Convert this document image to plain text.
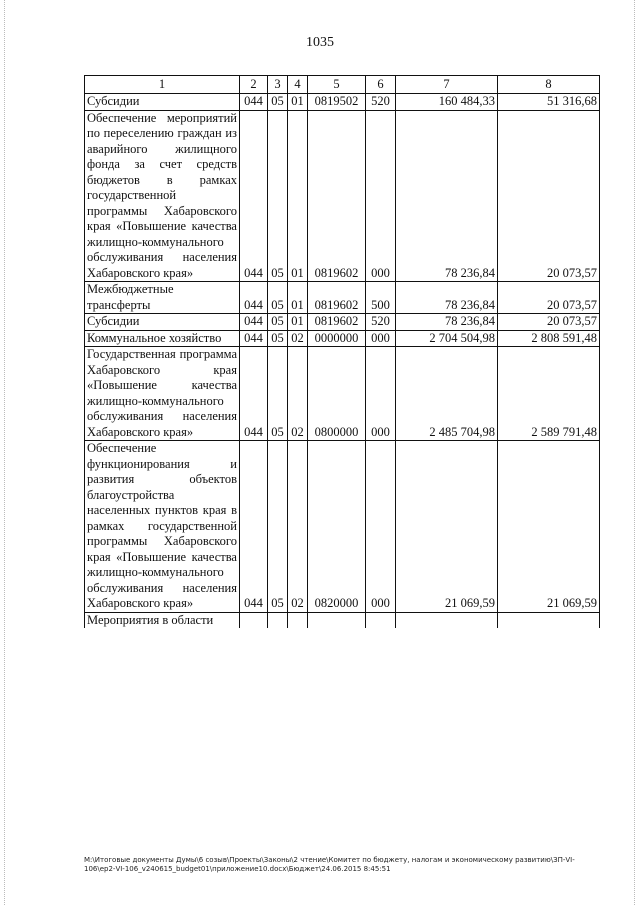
1035
1	2	3	4	5	6	7	8
Субсидии	044	05	01	0819502	520	160 484,33	51 316,68
Обеспечение мероприятий по переселению граждан из аварийного жилищного фонда за счет средств бюджетов в рамках государственной программы Хабаровского края «Повышение качества жилищно-коммунального обслуживания населения Хабаровского края»	044	05	01	0819602	000	78 236,84	20 073,57
Межбюджетные трансферты	044	05	01	0819602	500	78 236,84	20 073,57
Субсидии	044	05	01	0819602	520	78 236,84	20 073,57
Коммунальное хозяйство	044	05	02	0000000	000	2 704 504,98	2 808 591,48
Государственная программа Хабаровского края «Повышение качества жилищно-коммунального обслуживания населения Хабаровского края»	044	05	02	0800000	000	2 485 704,98	2 589 791,48
Обеспечение функционирования и развития объектов благоустройства населенных пунктов края в рамках государственной программы Хабаровского края «Повышение качества жилищно-коммунального обслуживания населения Хабаровского края»	044	05	02	0820000	000	21 069,59	21 069,59
Мероприятия в области							
M:\Итоговые документы Думы\6 созыв\Проекты\Законы\2 чтение\Комитет по бюджету, налогам и экономическому развитию\ЗП-VI-106\ер2-VI-106_v240615_budget01\приложение10.docx\Бюджет\24.06.2015 8:45:51
